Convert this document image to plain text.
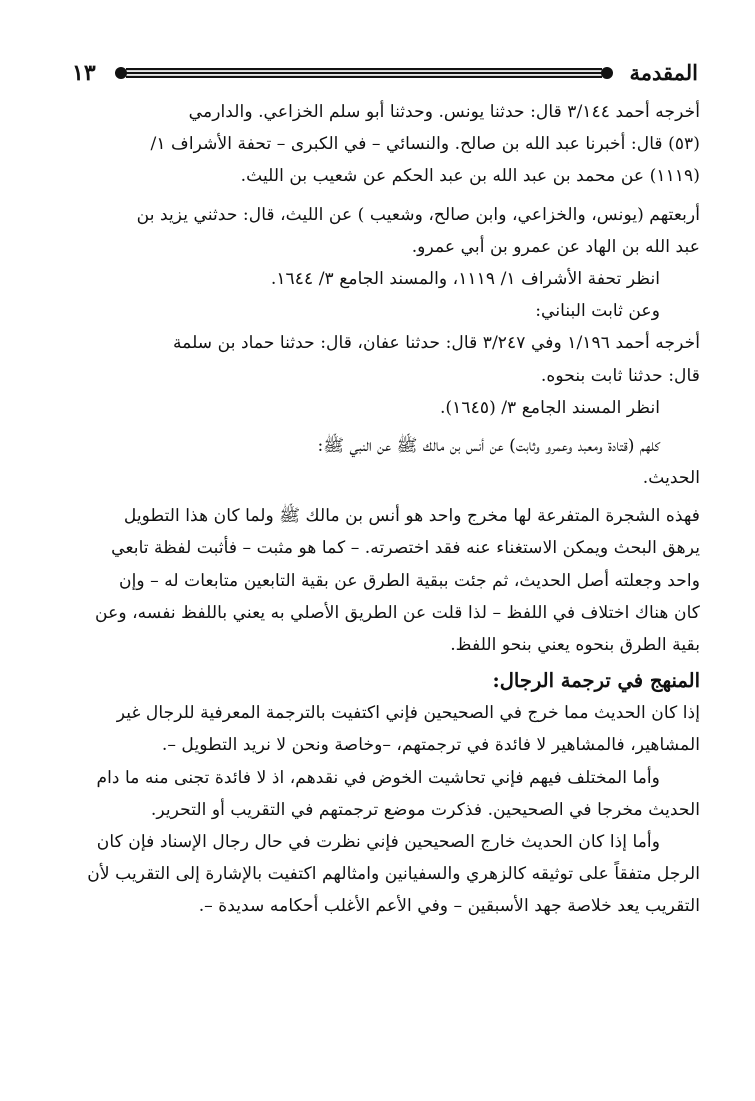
١٣	المقدمة
أخرجه أحمد ٣/١٤٤ قال: حدثنا يونس. وحدثنا أبو سلم الخزاعي. والدارمي
(٥٣) قال: أخبرنا عبد الله بن صالح. والنسائي – في الكبرى – تحفة الأشراف ١/
(١١١٩) عن محمد بن عبد الله بن عبد الحكم عن شعيب بن الليث.
أربعتهم (يونس، والخزاعي، وابن صالح، وشعيب ) عن الليث، قال: حدثني يزيد بن
عبد الله بن الهاد عن عمرو بن أبي عمرو.
انظر تحفة الأشراف ١/ ١١١٩، والمسند الجامع ٣/ ١٦٤٤.
وعن ثابت البناني:
أخرجه أحمد ١/١٩٦ وفي ٣/٢٤٧ قال: حدثنا عفان، قال: حدثنا حماد بن سلمة
قال: حدثنا ثابت بنحوه.
انظر المسند الجامع ٣/ (١٦٤٥).
كلهم (قتادة ومعبد وعمرو وثابت) عن أنس بن مالك ﷺ عن النبي ﷺ:
الحديث.
فهذه الشجرة المتفرعة لها مخرج واحد هو أنس بن مالك ﷺ ولما كان هذا التطويل
يرهق البحث ويمكن الاستغناء عنه فقد اختصرته. – كما هو مثبت – فأثبت لفظة تابعي
واحد وجعلته أصل الحديث، ثم جئت ببقية الطرق عن بقية التابعين متابعات له – وإن
كان هناك اختلاف في اللفظ – لذا قلت عن الطريق الأصلي به يعني باللفظ نفسه، وعن
بقية الطرق بنحوه يعني بنحو اللفظ.
المنهج في ترجمة الرجال:
إذا كان الحديث مما خرج في الصحيحين فإني اكتفيت بالترجمة المعرفية للرجال غير
المشاهير، فالمشاهير لا فائدة في ترجمتهم، –وخاصة ونحن لا نريد التطويل –.
وأما المختلف فيهم فإني تحاشيت الخوض في نقدهم، اذ لا فائدة تجنى منه ما دام
الحديث مخرجا في الصحيحين. فذكرت موضع ترجمتهم في التقريب أو التحرير.
وأما إذا كان الحديث خارج الصحيحين فإني نظرت في حال رجال الإسناد فإن كان
الرجل متفقاً على توثيقه كالزهري والسفيانين وامثالهم اكتفيت بالإشارة إلى التقريب لأن
التقريب يعد خلاصة جهد الأسبقين – وفي الأعم الأغلب أحكامه سديدة –.
